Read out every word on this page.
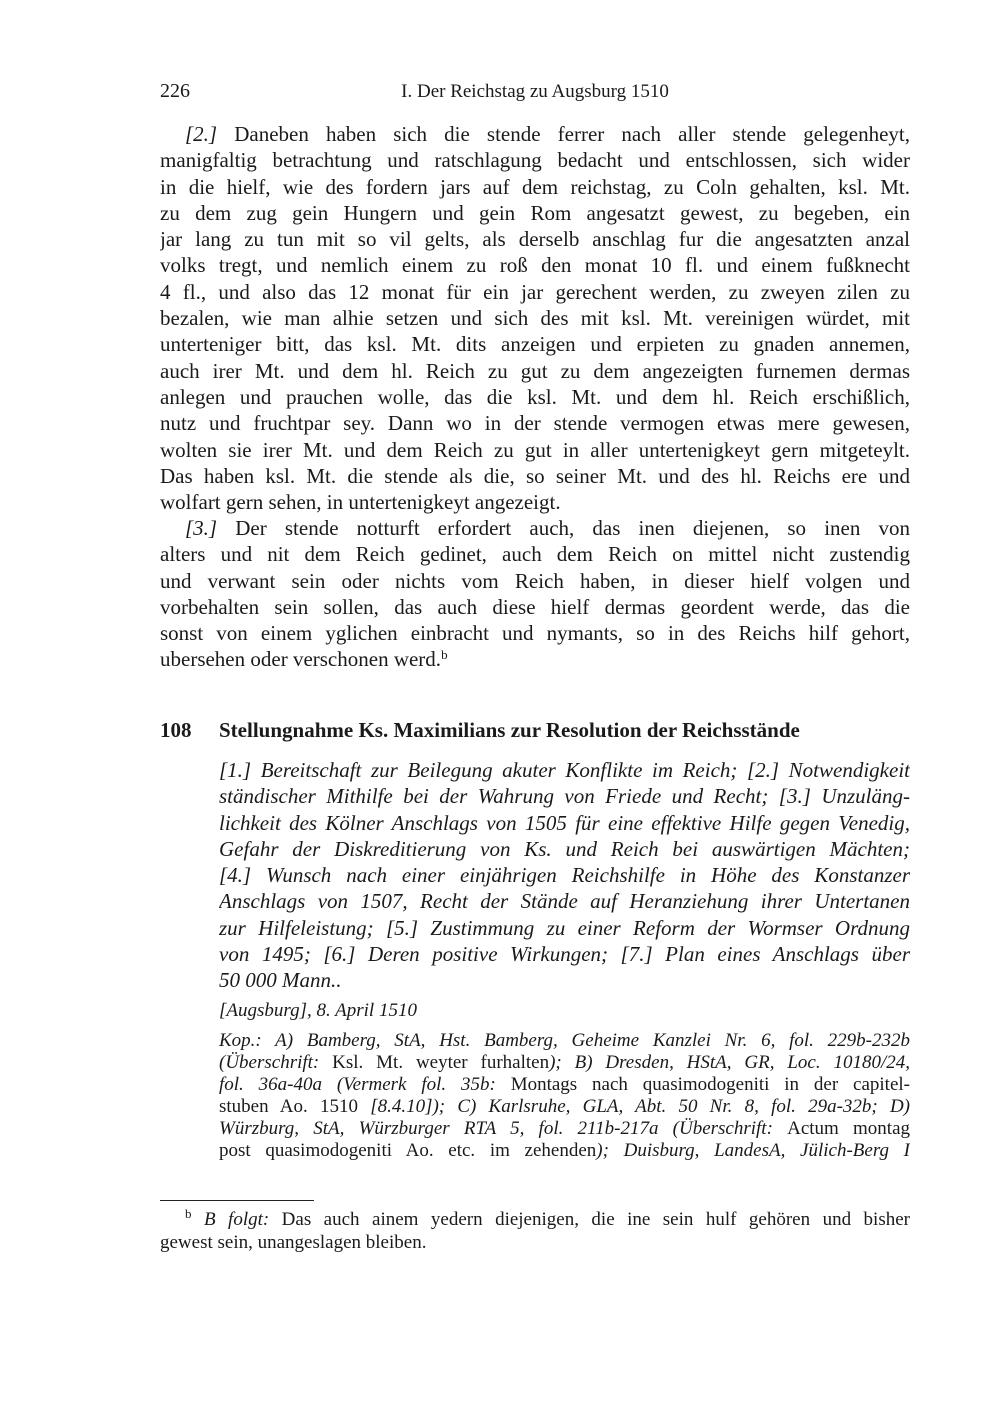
226	I. Der Reichstag zu Augsburg 1510
[2.] Daneben haben sich die stende ferrer nach aller stende gelegenheyt,
manigfaltig betrachtung und ratschlagung bedacht und entschlossen, sich wider
in die hielf, wie des fordern jars auf dem reichstag, zu Coln gehalten, ksl. Mt.
zu dem zug gein Hungern und gein Rom angesatzt gewest, zu begeben, ein
jar lang zu tun mit so vil gelts, als derselb anschlag fur die angesatzten anzal
volks tregt, und nemlich einem zu roß den monat 10 fl. und einem fußknecht
4 fl., und also das 12 monat für ein jar gerechent werden, zu zweyen zilen zu
bezalen, wie man alhie setzen und sich des mit ksl. Mt. vereinigen würdet, mit
unterteniger bitt, das ksl. Mt. dits anzeigen und erpieten zu gnaden annemen,
auch irer Mt. und dem hl. Reich zu gut zu dem angezeigten furnemen dermas
anlegen und prauchen wolle, das die ksl. Mt. und dem hl. Reich erschißlich,
nutz und fruchtpar sey. Dann wo in der stende vermogen etwas mere gewesen,
wolten sie irer Mt. und dem Reich zu gut in aller untertenigkeyt gern mitgeteylt.
Das haben ksl. Mt. die stende als die, so seiner Mt. und des hl. Reichs ere und
wolfart gern sehen, in untertenigkeyt angezeigt.
[3.] Der stende notturft erfordert auch, das inen diejenen, so inen von
alters und nit dem Reich gedinet, auch dem Reich on mittel nicht zustendig
und verwant sein oder nichts vom Reich haben, in dieser hielf volgen und
vorbehalten sein sollen, das auch diese hielf dermas geordent werde, das die
sonst von einem yglichen einbracht und nymants, so in des Reichs hilf gehort,
ubersehen oder verschonen werd.$^b$
108 Stellungnahme Ks. Maximilians zur Resolution der Reichsstände
[1.] Bereitschaft zur Beilegung akuter Konflikte im Reich; [2.] Notwendigkeit
ständischer Mithilfe bei der Wahrung von Friede und Recht; [3.] Unzuläng-
lichkeit des Kölner Anschlags von 1505 für eine effektive Hilfe gegen Venedig,
Gefahr der Diskreditierung von Ks. und Reich bei auswärtigen Mächten;
[4.] Wunsch nach einer einjährigen Reichshilfe in Höhe des Konstanzer
Anschlags von 1507, Recht der Stände auf Heranziehung ihrer Untertanen
zur Hilfeleistung; [5.] Zustimmung zu einer Reform der Wormser Ordnung
von 1495; [6.] Deren positive Wirkungen; [7.] Plan eines Anschlags über
50 000 Mann..
[Augsburg], 8. April 1510
Kop.: A) Bamberg, StA, Hst. Bamberg, Geheime Kanzlei Nr. 6, fol. 229b-232b
(Überschrift: Ksl. Mt. weyter furhalten); B) Dresden, HStA, GR, Loc. 10180/24,
fol. 36a-40a (Vermerk fol. 35b: Montags nach quasimodogeniti in der capitel-
stuben Ao. 1510 [8.4.10]); C) Karlsruhe, GLA, Abt. 50 Nr. 8, fol. 29a-32b; D)
Würzburg, StA, Würzburger RTA 5, fol. 211b-217a (Überschrift: Actum montag
post quasimodogeniti Ao. etc. im zehenden); Duisburg, LandesA, Jülich-Berg I
$^b$ B folgt: Das auch ainem yedern diejenigen, die ine sein hulf gehören und bisher
gewest sein, unangeslagen bleiben.
